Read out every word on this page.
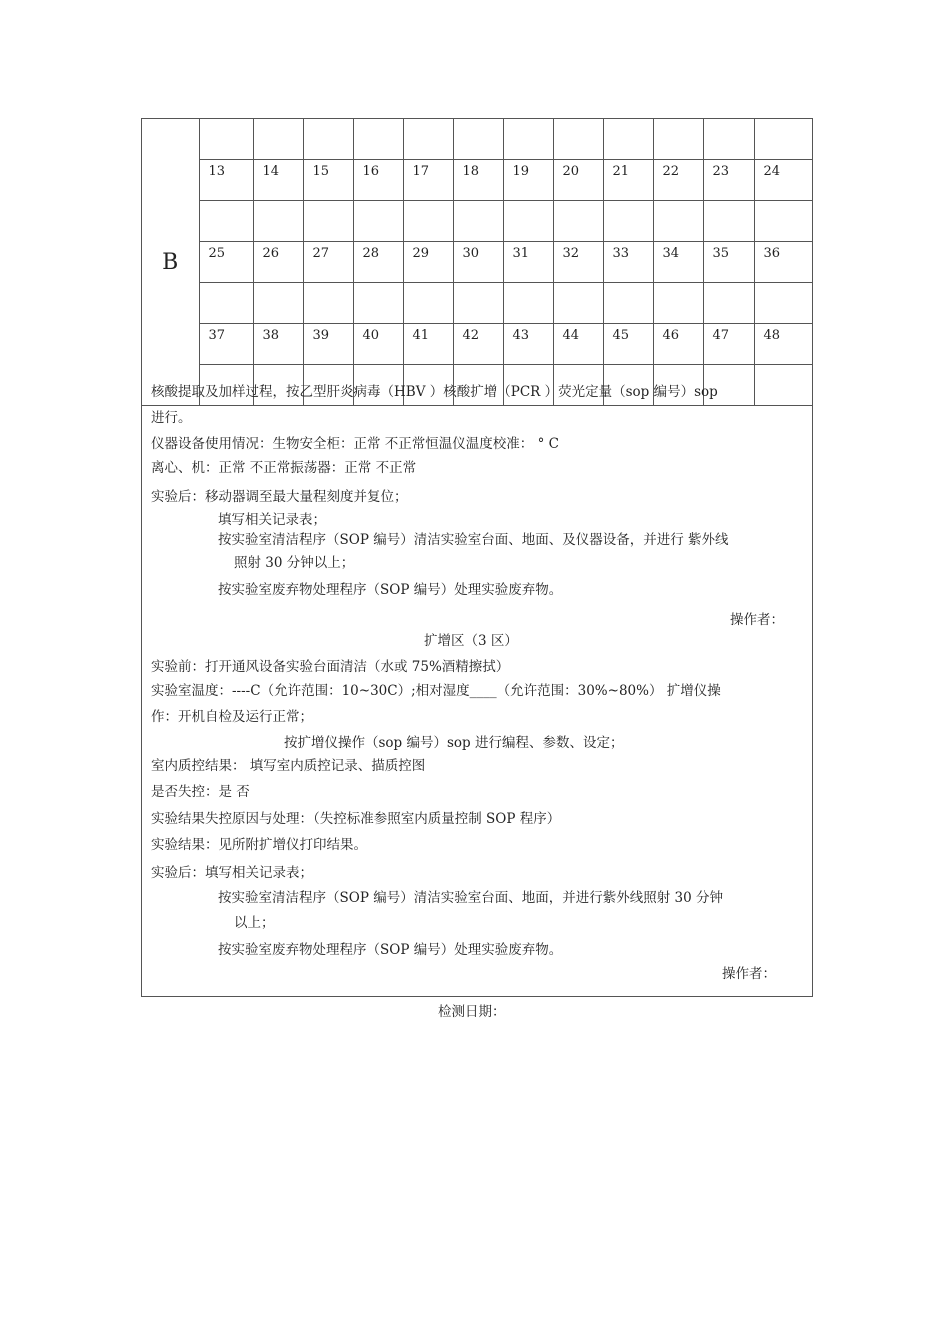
B												
	13	14	15	16	17	18	19	20	21	22	23	24

	25	26	27	28	29	30	31	32	33	34	35	36

	37	38	39	40	41	42	43	44	45	46	47	48

核酸提取及加样过程，按乙型肝炎病毒（HBV ）核酸扩增（PCR ）荧光定量（sop 编号）sop
进行。
仪器设备使用情况：生物安全柜：正常 不正常恒温仪温度校准： ° C
离心、机：正常 不正常振荡器：正常 不正常
实验后：移动器调至最大量程刻度并复位；
填写相关记录表；
按实验室清洁程序（SOP 编号）清洁实验室台面、地面、及仪器设备，并进行 紫外线
照射 30 分钟以上；
按实验室废弃物处理程序（SOP 编号）处理实验废弃物。
操作者：
扩增区（3 区）
实验前：打开通风设备实验台面清洁（水或 75%酒精擦拭）
实验室温度：----C（允许范围：10~30C）;相对湿度____（允许范围：30%~80%） 扩增仪操
作：开机自检及运行正常；
按扩增仪操作（sop 编号）sop 进行编程、参数、设定；
室内质控结果： 填写室内质控记录、描质控图
是否失控：是 否
实验结果失控原因与处理：（失控标准参照室内质量控制 SOP 程序）
实验结果：见所附扩增仪打印结果。
实验后：填写相关记录表；
按实验室清洁程序（SOP 编号）清洁实验室台面、地面，并进行紫外线照射 30 分钟
以上；
按实验室废弃物处理程序（SOP 编号）处理实验废弃物。
操作者：
检测日期：
